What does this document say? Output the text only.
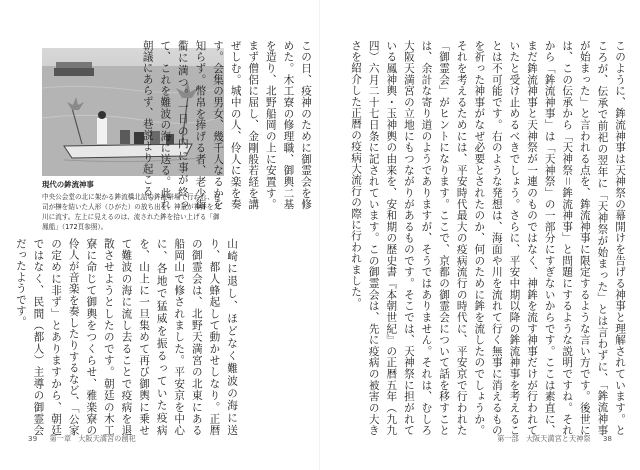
このように、鉾流神事は天神祭の幕開けを告げる神事と理解されています。ところが、伝承で前祀の翌年に「天神祭が始まった」とは言わずに、「鉾流神事が始まった」と言われる点を、鉾流神事に限定するような言い方です。後世には、この伝承から「天神祭＝鉾流神事」と問題にするような説明ですね。それから「鉾流神事」は「天神祭」の一部分にすぎないからです。ここは素直に、まだ鉾流神事と天神祭が一連のものではなく、神鉾を流す神事だけが行われていたと受け止めるべきでしょう。さらに、平安中期以降の鉾流神事を考えることは不可能です。右のような発想は、海面や川を流れて行く無事に消えるものを祈った神事がなぜ必要とされたのか、何のために鉾を流したのでしょうか。それを考えるためには、平安時代最大の疫病流行の時代に、平安京で行われた「御霊会」がヒントになります。ここで、京都の御霊会について話を移すことは、余計な寄り道のようでありますが、そうではありません。それは、むしろ大阪天満宮の立地にもつながりがあるものです。そこでは、天神祭に担がれている鳳神輿・玉神輿の由来を、安和期の歴史書『本朝世紀』の正暦五年（九九四）六月二十七日条に記されています。この御霊会は、先に疫病の被害の大きさを紹介した正暦の疫病大流行の際に行われました。
現代の鉾流神事
中央公会堂の北に架かる鉾流橋北詰の鉾流祭場で行われ、宮司が榊を結いた人形（ひがた）の放ち出を、神童が神鉾を大川に流す。左上に見えるのは、流された鉾を拾い上げる「御鳳船」（172頁参照）。
この日、疫神のために御霊会を修めた。木工寮の修理職、御輿二基を造り、北野船岡の上に安置す。まず僧侶に屈し、金剛般若経を講ぜしむ。城中の人、伶人に楽を奏す。会集の男女、幾千人なるかを知らず。幣帛を捧げる者、老少街衢に満つ。一日の内に事が終って、これを難波の海に送る。此れ朝議にあらず、巷説より起こる。
山崎に退し、ほどなく難波の海に送り、都人蜂起して動かせしなり。正暦の御霊会は、北野天満宮の北東にある船岡山で修されました。平安京を中心に、各地で猛威を振るっていた疫病を、山上に一旦集めて再び御輿に乗せて難波の海に流し去ることで疫病を退散させようとしたのです。朝廷の木工寮に命じて御輿をつくらせ、雅楽寮の伶人が音楽を奏したりするなど、「公家の定めに非ず」とありますから、朝廷ではなく、民間（都人）主導の御霊会だったようです。
39 第一章　大阪天満宮の創祀	第一部　大阪天満宮と天神祭 38
